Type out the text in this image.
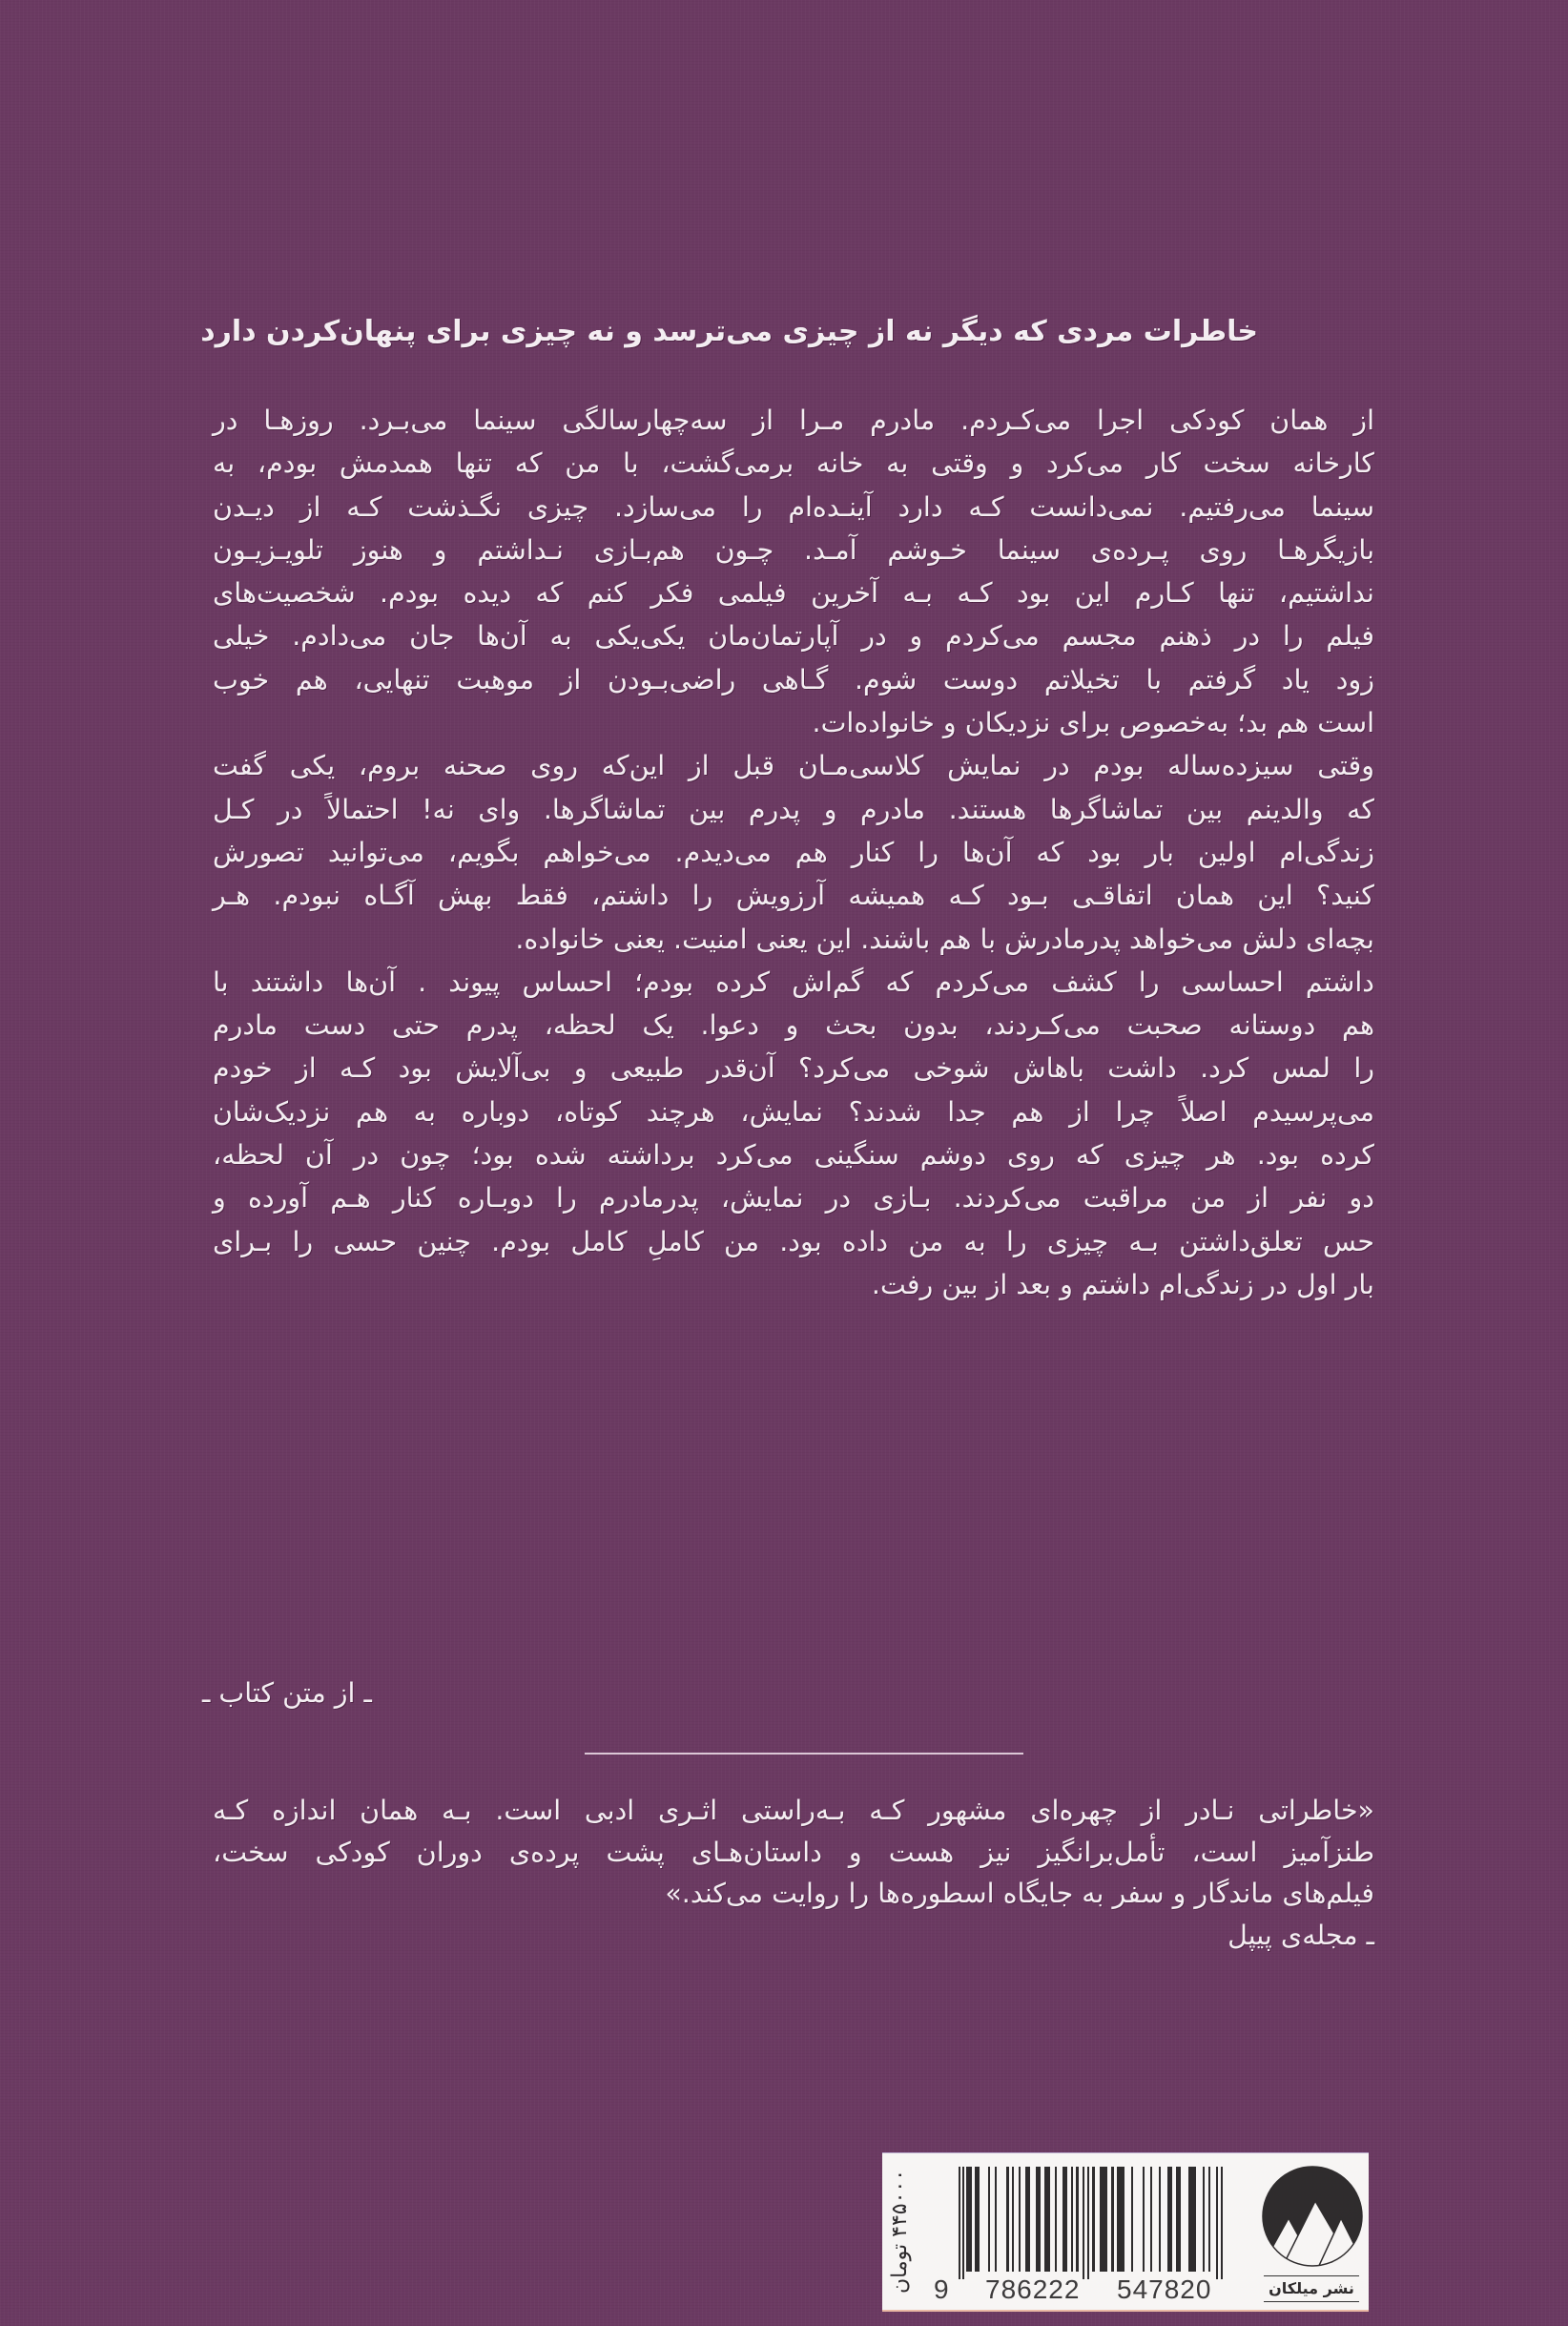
خاطرات مردی که دیگر نه از چیزی می‌ترسد و نه چیزی برای پنهان‌کردن دارد
از همان کودکی اجرا می‌کـردم. مادرم مـرا از سه‌چهارسالگی سینما می‌بـرد. روزهـا در
کارخانه سخت کار می‌کرد و وقتی به خانه برمی‌گشت، با من که تنها همدمش بودم، به
سینما می‌رفتیم. نمی‌دانست کـه دارد آینـده‌ام را می‌سازد. چیزی نگـذشت کـه از دیـدن
بازیگرهـا روی پـرده‌ی سینما خـوشم آمـد. چـون هم‌بـازی نـداشتم و هنوز تلویـزیـون
نداشتیم، تنها کـارم این بود کـه بـه آخرین فیلمی فکر کنم که دیده بودم. شخصیت‌های
فیلم را در ذهنم مجسم می‌کردم و در آپارتمان‌مان یکی‌یکی به آن‌ها جان می‌دادم. خیلی
زود یاد گرفتم با تخیلاتم دوست شوم. گـاهی راضی‌بـودن از موهبت تنهایی، هم خوب
است هم بد؛ به‌خصوص برای نزدیکان و خانواده‌ات.
وقتی سیزده‌ساله بودم در نمایش کلاسی‌مـان قبل از این‌که روی صحنه بروم، یکی گفت
که والدینم بین تماشاگرها هستند. مادرم و پدرم بین تماشاگرها. وای نه! احتمالاً در کـل
زندگی‌ام اولین بار بود که آن‌ها را کنار هم می‌دیدم. می‌خواهم بگویم، می‌توانید تصورش
کنید؟ این همان اتفاقـی بـود کـه همیشه آرزویش را داشتم، فقط بهش آگـاه نبودم. هـر
بچه‌ای دلش می‌خواهد پدرمادرش با هم باشند. این یعنی امنیت. یعنی خانواده.
داشتم احساسی را کشف می‌کردم که گم‌اش کرده بودم؛ احساس پیوند . آن‌ها داشتند با
هم دوستانه صحبت می‌کـردند، بدون بحث و دعوا. یک لحظه، پدرم حتی دست مادرم
را لمس کرد. داشت باهاش شوخی می‌کرد؟ آن‌قدر طبیعی و بی‌آلایش بود کـه از خودم
می‌پرسیدم اصلاً چرا از هم جدا شدند؟ نمایش، هرچند کوتاه، دوباره به هم نزدیک‌شان
کرده بود. هر چیزی که روی دوشم سنگینی می‌کرد برداشته شده بود؛ چون در آن لحظه،
دو نفر از من مراقبت می‌کردند. بـازی در نمایش، پدرمادرم را دوبـاره کنار هـم آورده و
حس تعلق‌داشتن بـه چیزی را به من داده بود. من کاملِ کامل بودم. چنین حسی را بـرای
بار اول در زندگی‌ام داشتم و بعد از بین رفت.
ـ از متن کتاب ـ
«خاطراتی نـادر از چهره‌ای مشهور کـه بـه‌راستی اثـری ادبی است. بـه همان اندازه کـه
طنزآمیز است، تأمل‌برانگیز نیز هست و داستان‌هـای پشت پرده‌ی دوران کودکی سخت،
فیلم‌های ماندگار و سفر به جایگاه اسطوره‌ها را روایت می‌کند.»
ـ مجله‌ی پیپل
۴۴۵۰۰۰ تومان
9 786222 547820	نشر میلکان
